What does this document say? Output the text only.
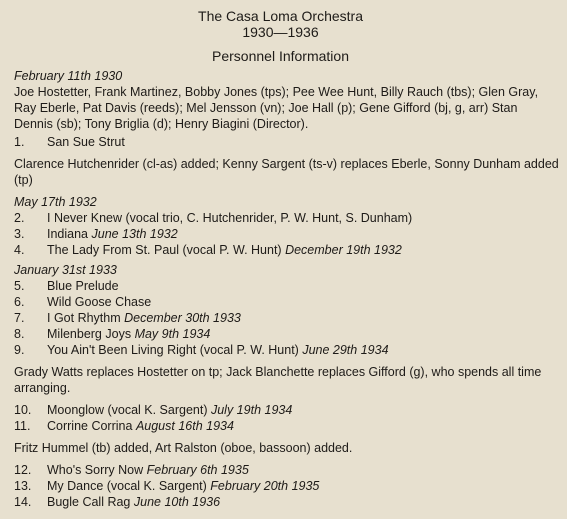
The Casa Loma Orchestra
1930—1936
Personnel Information
February 11th 1930
Joe Hostetter, Frank Martinez, Bobby Jones (tps); Pee Wee Hunt, Billy Rauch (tbs); Glen Gray, Ray Eberle, Pat Davis (reeds); Mel Jensson (vn); Joe Hall (p); Gene Gifford (bj, g, arr) Stan Dennis (sb); Tony Briglia (d); Henry Biagini (Director).
1.	San Sue Strut
Clarence Hutchenrider (cl-as) added; Kenny Sargent (ts-v) replaces Eberle, Sonny Dunham added (tp)
May 17th 1932
2.	I Never Knew (vocal trio, C. Hutchenrider, P. W. Hunt, S. Dunham)
3.	Indiana
June 13th 1932
4.	The Lady From St. Paul (vocal P. W. Hunt)
December 19th 1932
January 31st 1933
5.	Blue Prelude
6.	Wild Goose Chase
7.	I Got Rhythm
December 30th 1933
8.	Milenberg Joys
May 9th 1934
9.	You Ain't Been Living Right (vocal P. W. Hunt)
June 29th 1934
Grady Watts replaces Hostetter on tp; Jack Blanchette replaces Gifford (g), who spends all time arranging.
10.	Moonglow (vocal K. Sargent)
July 19th 1934
11.	Corrine Corrina
August 16th 1934
Fritz Hummel (tb) added, Art Ralston (oboe, bassoon) added.
12.	Who's Sorry Now
February 6th 1935
13.	My Dance (vocal K. Sargent)
February 20th 1935
14.	Bugle Call Rag
June 10th 1936
